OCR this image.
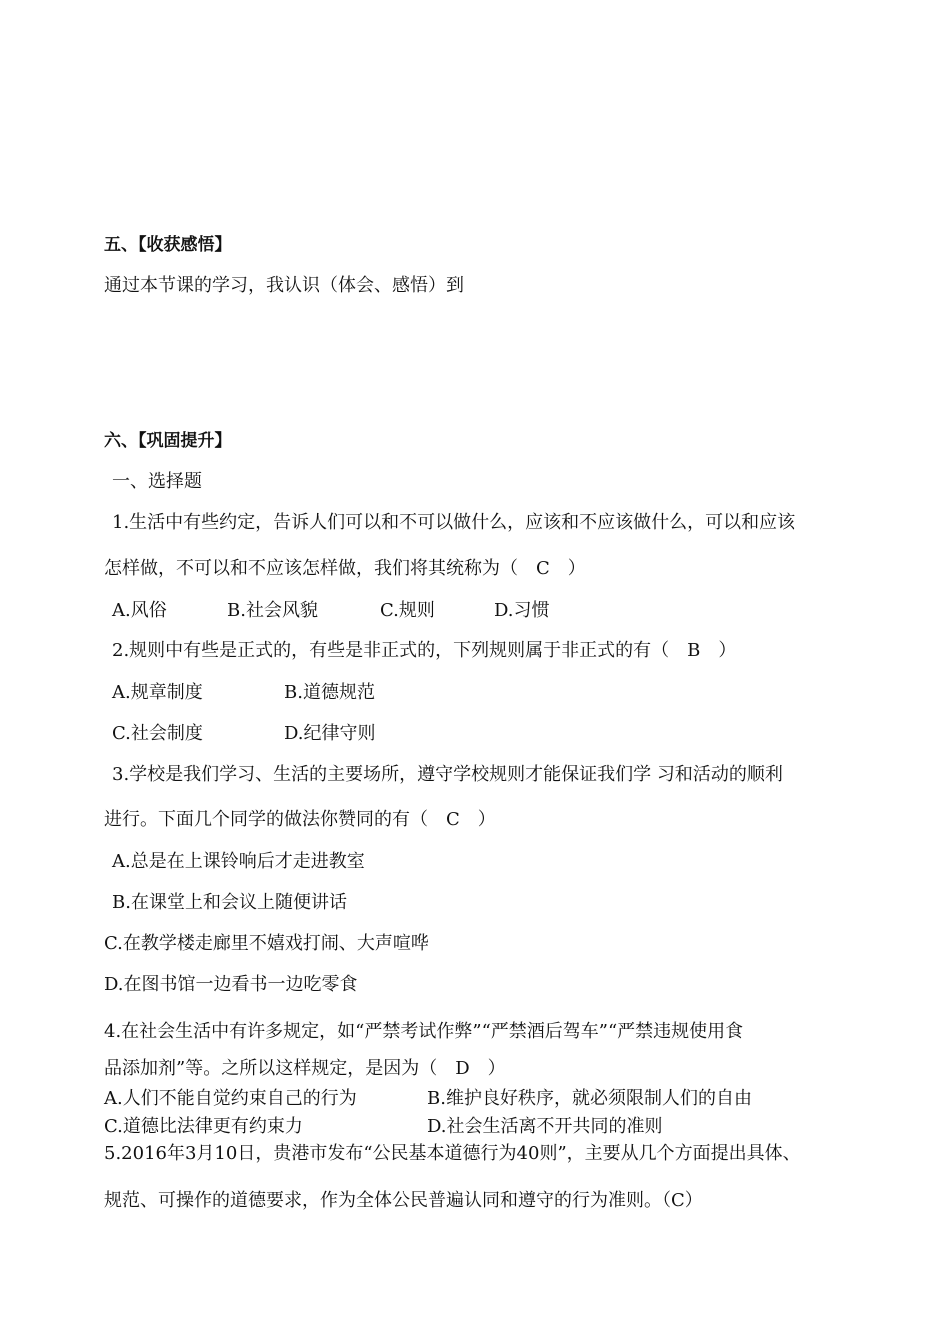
五、【收获感悟】
通过本节课的学习，我认识（体会、感悟）到
六、【巩固提升】
一、选择题
1.生活中有些约定，告诉人们可以和不可以做什么，应该和不应该做什么，可以和应该
怎样做，不可以和不应该怎样做，我们将其统称为（　C　）
A.风俗	B.社会风貌	C.规则	D.习惯
2.规则中有些是正式的，有些是非正式的，下列规则属于非正式的有（　B　）
A.规章制度	B.道德规范
C.社会制度	D.纪律守则
3.学校是我们学习、生活的主要场所，遵守学校规则才能保证我们学 习和活动的顺利
进行。下面几个同学的做法你赞同的有（　C　）
A.总是在上课铃响后才走进教室
B.在课堂上和会议上随便讲话
C.在教学楼走廊里不嬉戏打闹、大声喧哗
D.在图书馆一边看书一边吃零食
4.在社会生活中有许多规定，如“严禁考试作弊”“严禁酒后驾车”“严禁违规使用食
品添加剂”等。之所以这样规定，是因为（　D　）
A.人们不能自觉约束自己的行为	B.维护良好秩序，就必须限制人们的自由
C.道德比法律更有约束力	D.社会生活离不开共同的准则
5.2016年3月10日，贵港市发布“公民基本道德行为40则”，主要从几个方面提出具体、
规范、可操作的道德要求，作为全体公民普遍认同和遵守的行为准则。（C）
